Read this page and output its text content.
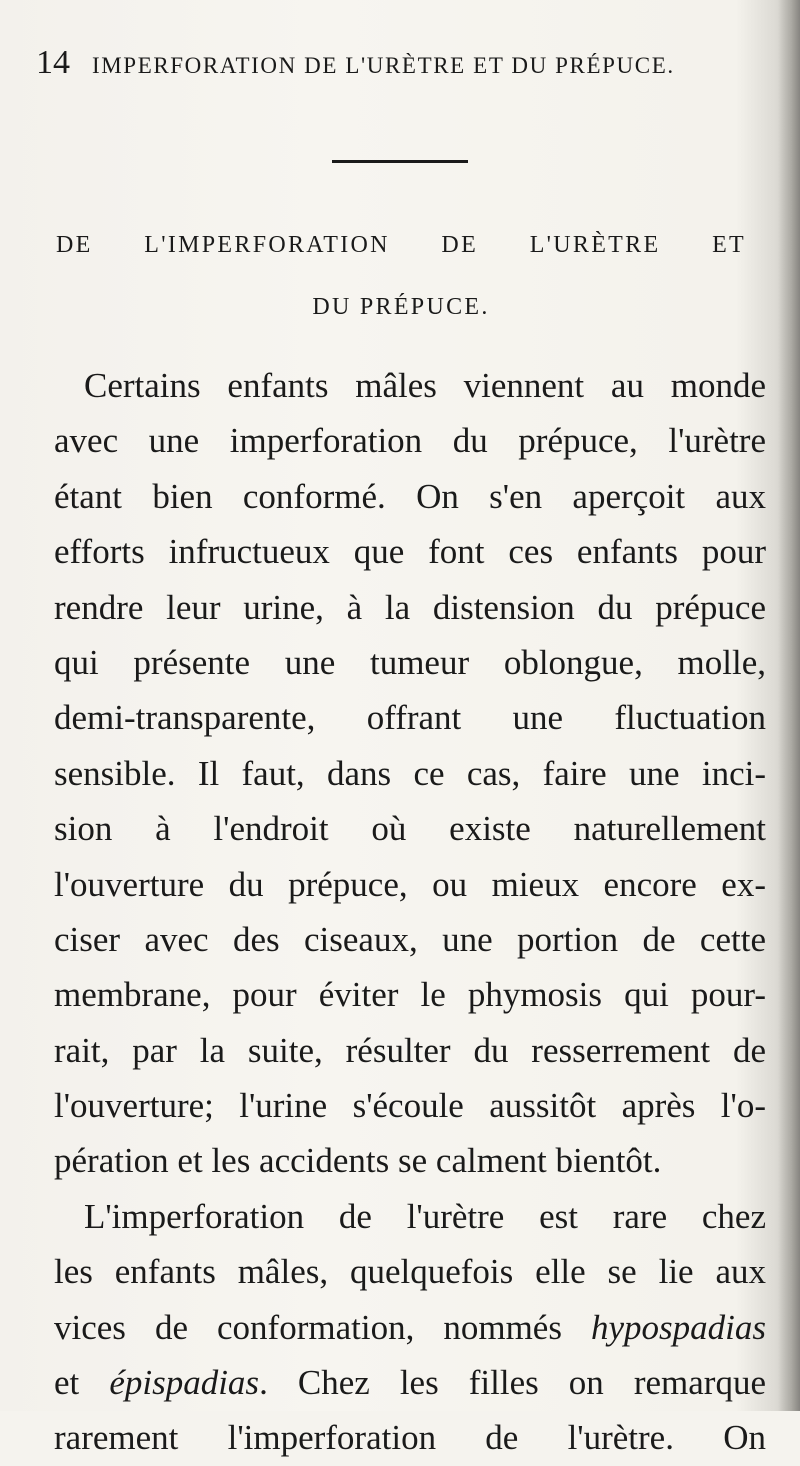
14 IMPERFORATION DE L'URÈTRE ET DU PRÉPUCE.
DE L'IMPERFORATION DE L'URÈTRE ET
DU PRÉPUCE.
Certains enfants mâles viennent au monde
avec une imperforation du prépuce, l'urètre
étant bien conformé. On s'en aperçoit aux
efforts infructueux que font ces enfants pour
rendre leur urine, à la distension du prépuce
qui présente une tumeur oblongue, molle,
demi-transparente, offrant une fluctuation
sensible. Il faut, dans ce cas, faire une inci-
sion à l'endroit où existe naturellement
l'ouverture du prépuce, ou mieux encore ex-
ciser avec des ciseaux, une portion de cette
membrane, pour éviter le phymosis qui pour-
rait, par la suite, résulter du resserrement de
l'ouverture; l'urine s'écoule aussitôt après l'o-
pération et les accidents se calment bientôt.
L'imperforation de l'urètre est rare chez
les enfants mâles, quelquefois elle se lie aux
vices de conformation, nommés hypospadias
et épispadias. Chez les filles on remarque
rarement l'imperforation de l'urètre. On
